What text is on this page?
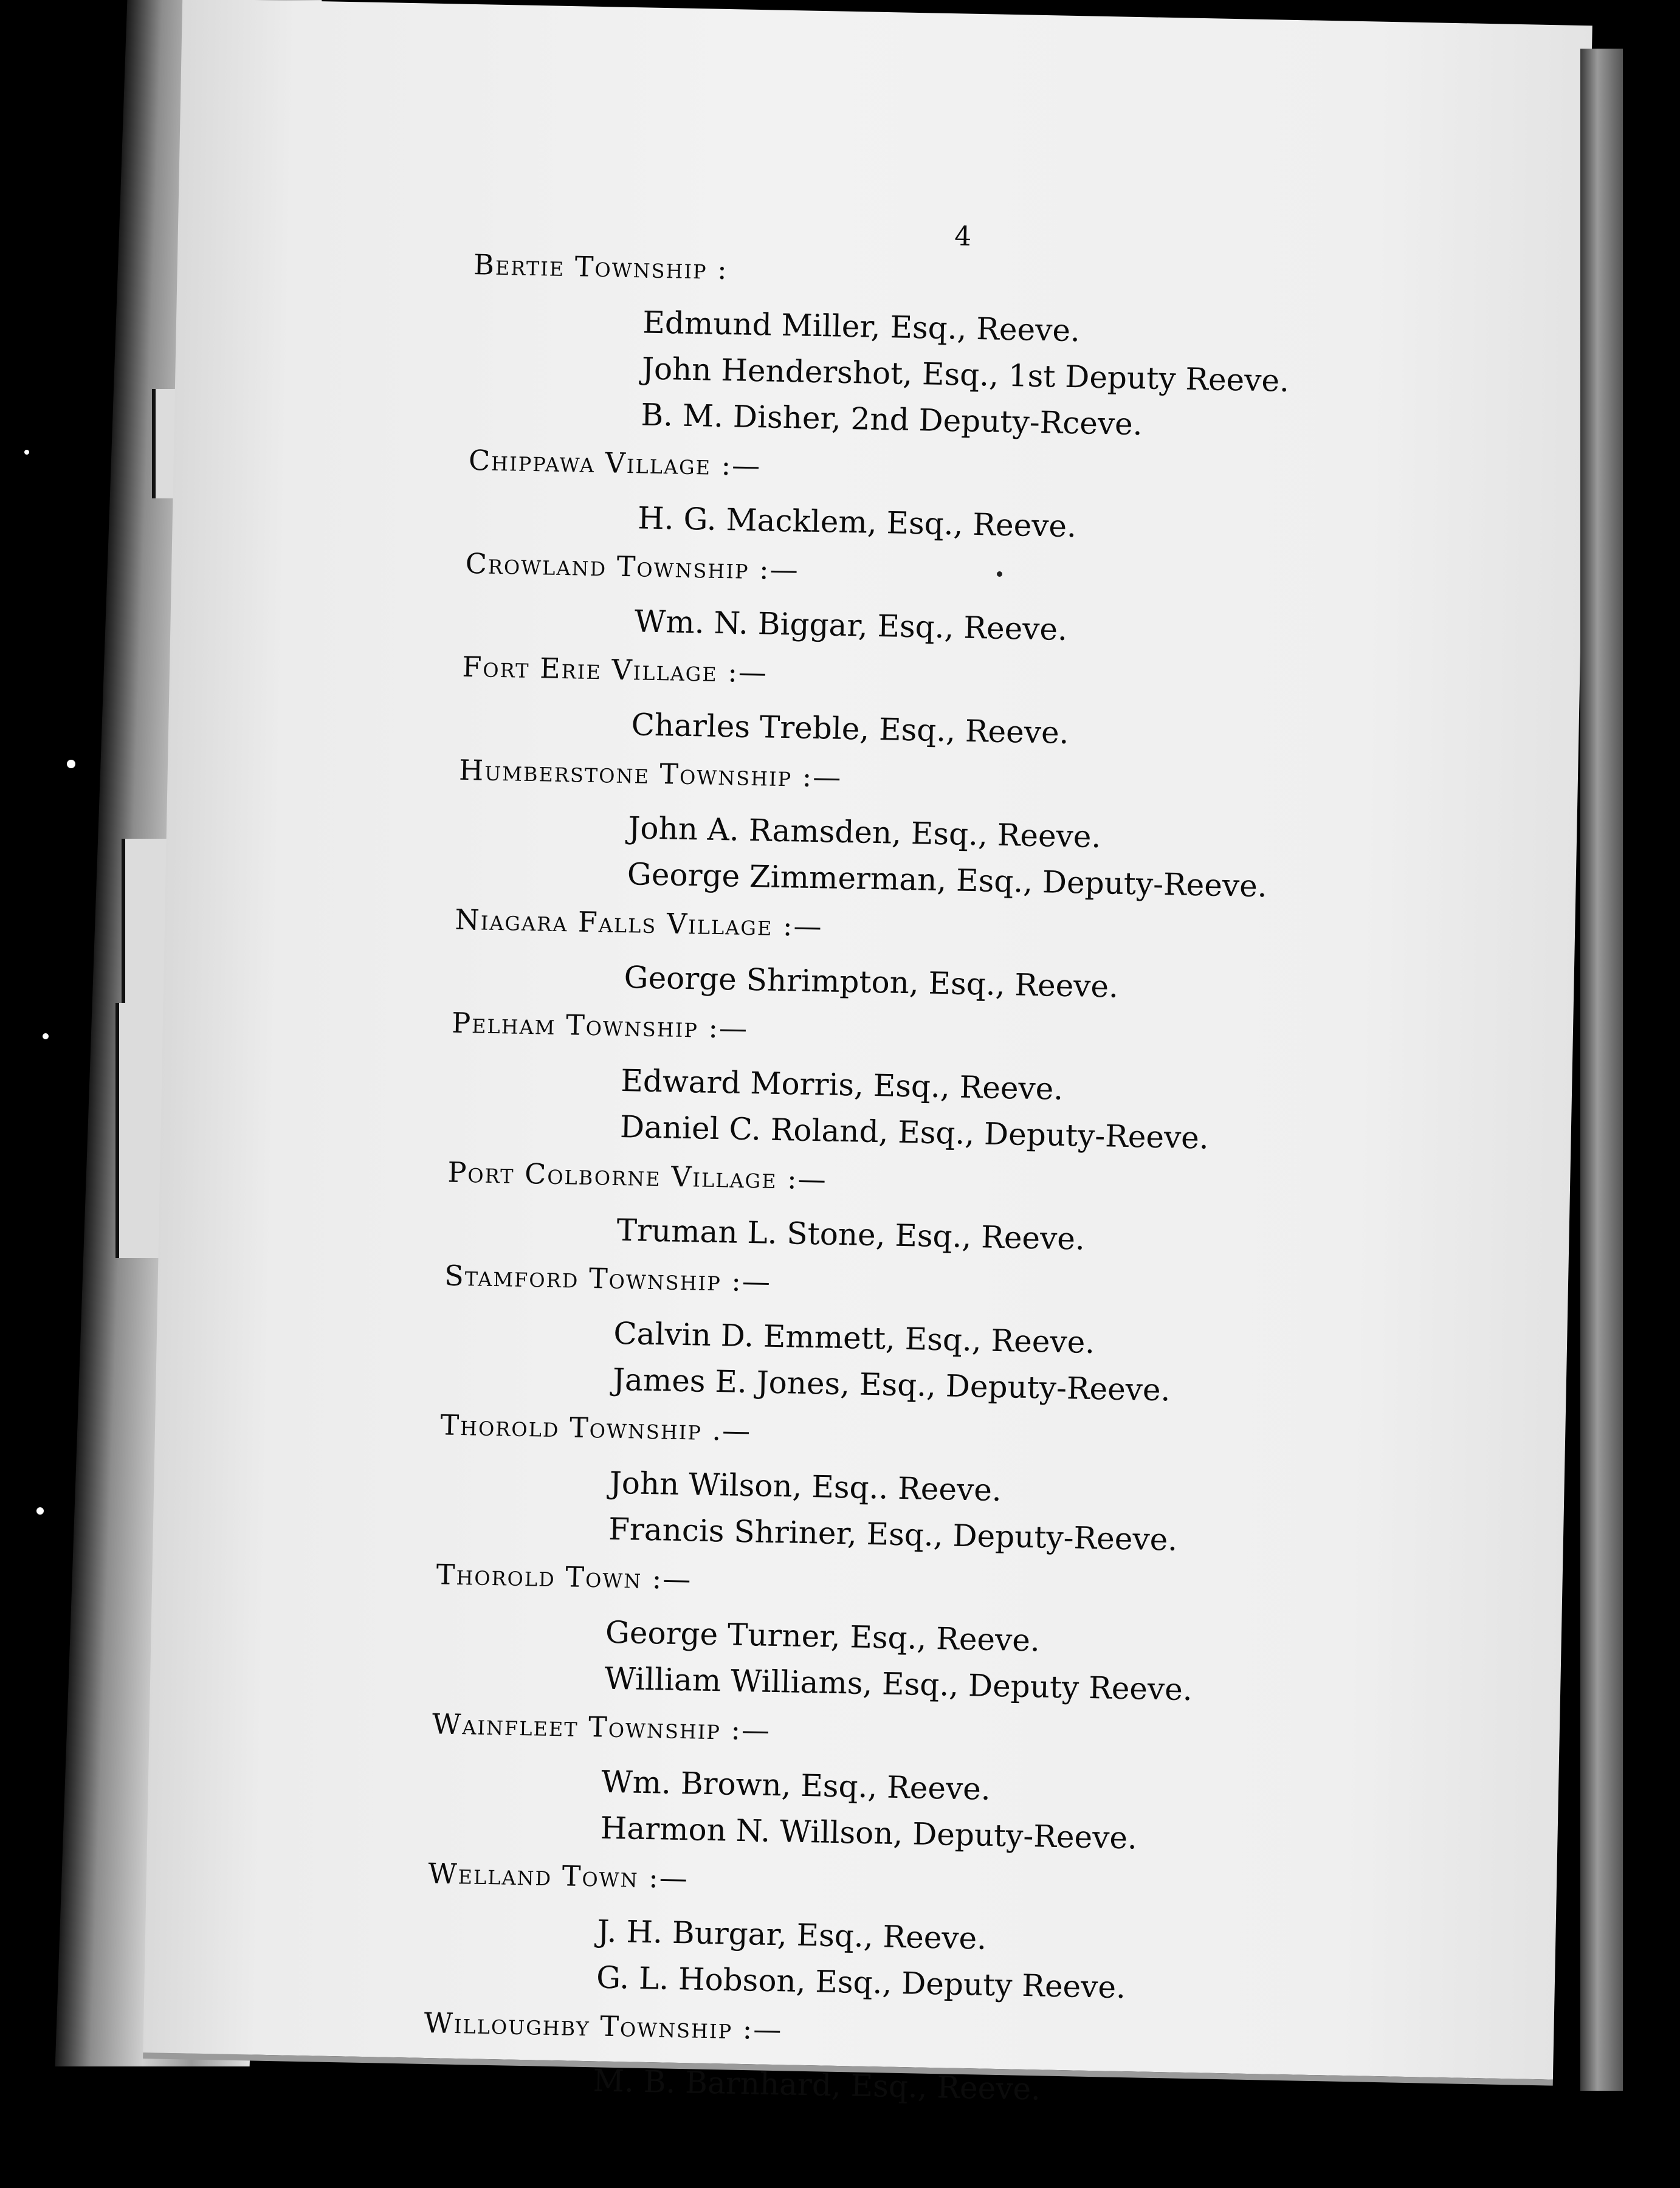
4
Bertie Township :
Edmund Miller, Esq., Reeve.
John Hendershot, Esq., 1st Deputy Reeve.
B. M. Disher, 2nd Deputy-Rceve.
Chippawa Village :—
H. G. Macklem, Esq., Reeve.
Crowland Township :—
Wm. N. Biggar, Esq., Reeve.
Fort Erie Village :—
Charles Treble, Esq., Reeve.
Humberstone Township :—
John A. Ramsden, Esq., Reeve.
George Zimmerman, Esq., Deputy-Reeve.
Niagara Falls Village :—
George Shrimpton, Esq., Reeve.
Pelham Township :—
Edward Morris, Esq., Reeve.
Daniel C. Roland, Esq., Deputy-Reeve.
Port Colborne Village :—
Truman L. Stone, Esq., Reeve.
Stamford Township :—
Calvin D. Emmett, Esq., Reeve.
James E. Jones, Esq., Deputy-Reeve.
Thorold Township .—
John Wilson, Esq.. Reeve.
Francis Shriner, Esq., Deputy-Reeve.
Thorold Town :—
George Turner, Esq., Reeve.
William Williams, Esq., Deputy Reeve.
Wainfleet Township :—
Wm. Brown, Esq., Reeve.
Harmon N. Willson, Deputy-Reeve.
Welland Town :—
J. H. Burgar, Esq., Reeve.
G. L. Hobson, Esq., Deputy Reeve.
Willoughby Township :—
M. B. Barnhard, Esq., Reeve.
